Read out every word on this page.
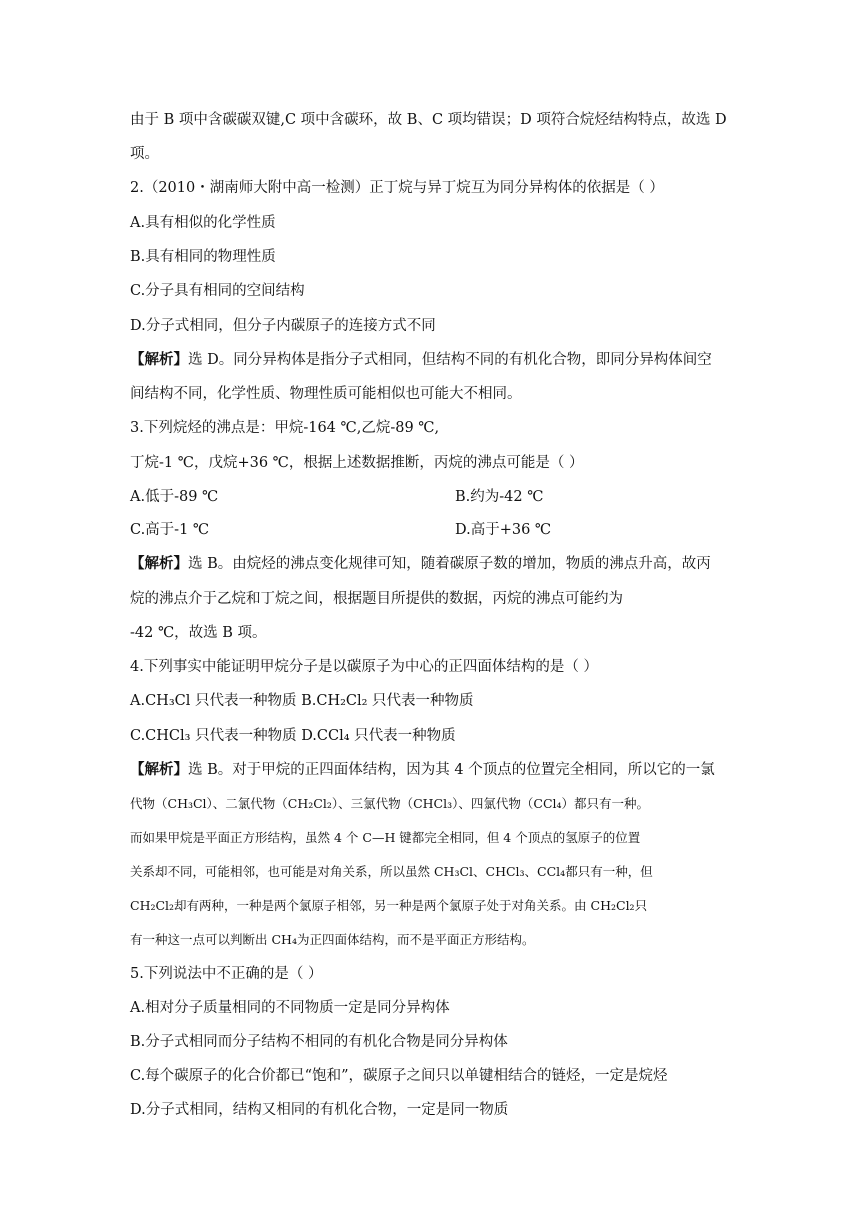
由于 B 项中含碳碳双键,C 项中含碳环，故 B、C 项均错误；D 项符合烷烃结构特点，故选 D
项。
2.（2010・湖南师大附中高一检测）正丁烷与异丁烷互为同分异构体的依据是（ ）
A.具有相似的化学性质
B.具有相同的物理性质
C.分子具有相同的空间结构
D.分子式相同，但分子内碳原子的连接方式不同
【解析】选 D。同分异构体是指分子式相同，但结构不同的有机化合物，即同分异构体间空
间结构不同，化学性质、物理性质可能相似也可能大不相同。
3.下列烷烃的沸点是：甲烷-164 ℃,乙烷-89 ℃,
丁烷-1 ℃，戊烷+36 ℃，根据上述数据推断，丙烷的沸点可能是（ ）
A.低于-89 ℃	B.约为-42 ℃
C.高于-1 ℃	D.高于+36 ℃
【解析】选 B。由烷烃的沸点变化规律可知，随着碳原子数的增加，物质的沸点升高，故丙
烷的沸点介于乙烷和丁烷之间，根据题目所提供的数据，丙烷的沸点可能约为
-42 ℃，故选 B 项。
4.下列事实中能证明甲烷分子是以碳原子为中心的正四面体结构的是（ ）
A.CH₃Cl 只代表一种物质 B.CH₂Cl₂ 只代表一种物质
C.CHCl₃ 只代表一种物质 D.CCl₄ 只代表一种物质
【解析】选 B。对于甲烷的正四面体结构，因为其 4 个顶点的位置完全相同，所以它的一氯
代物（CH₃Cl）、二氯代物（CH₂Cl₂）、三氯代物（CHCl₃）、四氯代物（CCl₄）都只有一种。
而如果甲烷是平面正方形结构，虽然 4 个 C—H 键都完全相同，但 4 个顶点的氢原子的位置
关系却不同，可能相邻，也可能是对角关系，所以虽然 CH₃Cl、CHCl₃、CCl₄都只有一种，但
CH₂Cl₂却有两种，一种是两个氯原子相邻，另一种是两个氯原子处于对角关系。由 CH₂Cl₂只
有一种这一点可以判断出 CH₄为正四面体结构，而不是平面正方形结构。
5.下列说法中不正确的是（ ）
A.相对分子质量相同的不同物质一定是同分异构体
B.分子式相同而分子结构不相同的有机化合物是同分异构体
C.每个碳原子的化合价都已“饱和”，碳原子之间只以单键相结合的链烃，一定是烷烃
D.分子式相同，结构又相同的有机化合物，一定是同一物质
